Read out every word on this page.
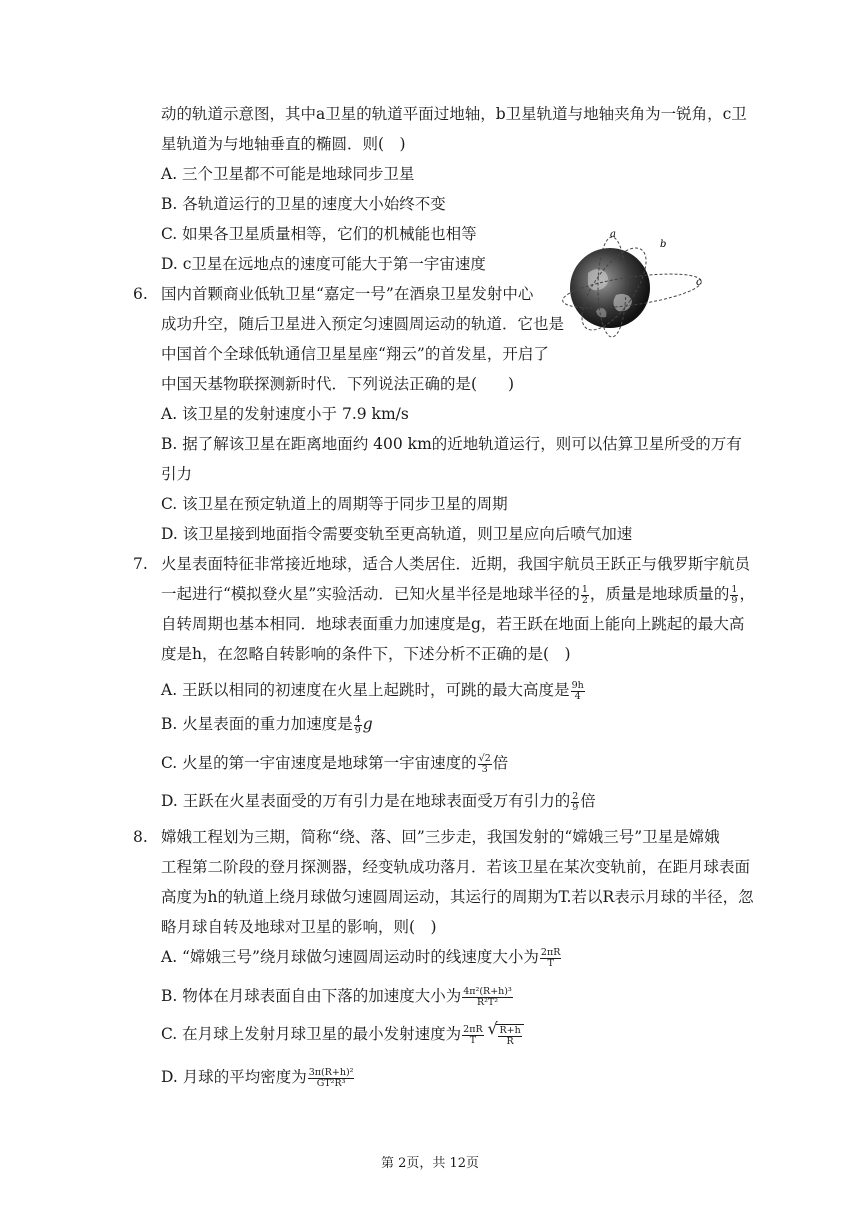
动的轨道示意图，其中a卫星的轨道平面过地轴，b卫星轨道与地轴夹角为一锐角，c卫
星轨道为与地轴垂直的椭圆．则(　)
A. 三个卫星都不可能是地球同步卫星
B. 各轨道运行的卫星的速度大小始终不变
C. 如果各卫星质量相等，它们的机械能也相等
D. c卫星在远地点的速度可能大于第一宇宙速度
a
b
c
6. 国内首颗商业低轨卫星“嘉定一号”在酒泉卫星发射中心
成功升空，随后卫星进入预定匀速圆周运动的轨道．它也是
中国首个全球低轨通信卫星星座“翔云”的首发星，开启了
中国天基物联探测新时代．下列说法正确的是(　　)
A. 该卫星的发射速度小于 7.9 km/s
B. 据了解该卫星在距离地面约 400 km的近地轨道运行，则可以估算卫星所受的万有
引力
C. 该卫星在预定轨道上的周期等于同步卫星的周期
D. 该卫星接到地面指令需要变轨至更高轨道，则卫星应向后喷气加速
7. 火星表面特征非常接近地球，适合人类居住．近期，我国宇航员王跃正与俄罗斯宇航员
一起进行“模拟登火星”实验活动．已知火星半径是地球半径的 $\frac{1}{2}$ ，质量是地球质量的 $\frac{1}{9}$ ，
自转周期也基本相同．地球表面重力加速度是g，若王跃在地面上能向上跳起的最大高
度是h，在忽略自转影响的条件下，下述分析不正确的是(　)
A. 王跃以相同的初速度在火星上起跳时，可跳的最大高度是 $\frac{9h}{4}$
B. 火星表面的重力加速度是 $\frac{4}{9}$ g
C. 火星的第一宇宙速度是地球第一宇宙速度的 $\frac{√2}{3}$ 倍
D. 王跃在火星表面受的万有引力是在地球表面受万有引力的 $\frac{2}{9}$ 倍
8. 嫦娥工程划为三期，简称“绕、落、回”三步走，我国发射的“嫦娥三号”卫星是嫦娥
工程第二阶段的登月探测器，经变轨成功落月．若该卫星在某次变轨前，在距月球表面
高度为h的轨道上绕月球做匀速圆周运动，其运行的周期为T.若以R表示月球的半径，忽
略月球自转及地球对卫星的影响，则(　)
A. “嫦娥三号”绕月球做匀速圆周运动时的线速度大小为 $\frac{2\pi R}{T}$
B. 物体在月球表面自由下落的加速度大小为 $\frac{\text{4π²(R+h)³}}{\text{R²T²}}$
C. 在月球上发射月球卫星的最小发射速度为 $\frac{2\pi R}{T}$

√ $\frac{R+h}{R}$
D. 月球的平均密度为 $\frac{\text{3π(R+h)²}}{\text{GT²R³}}$
第 2页，共 12页
